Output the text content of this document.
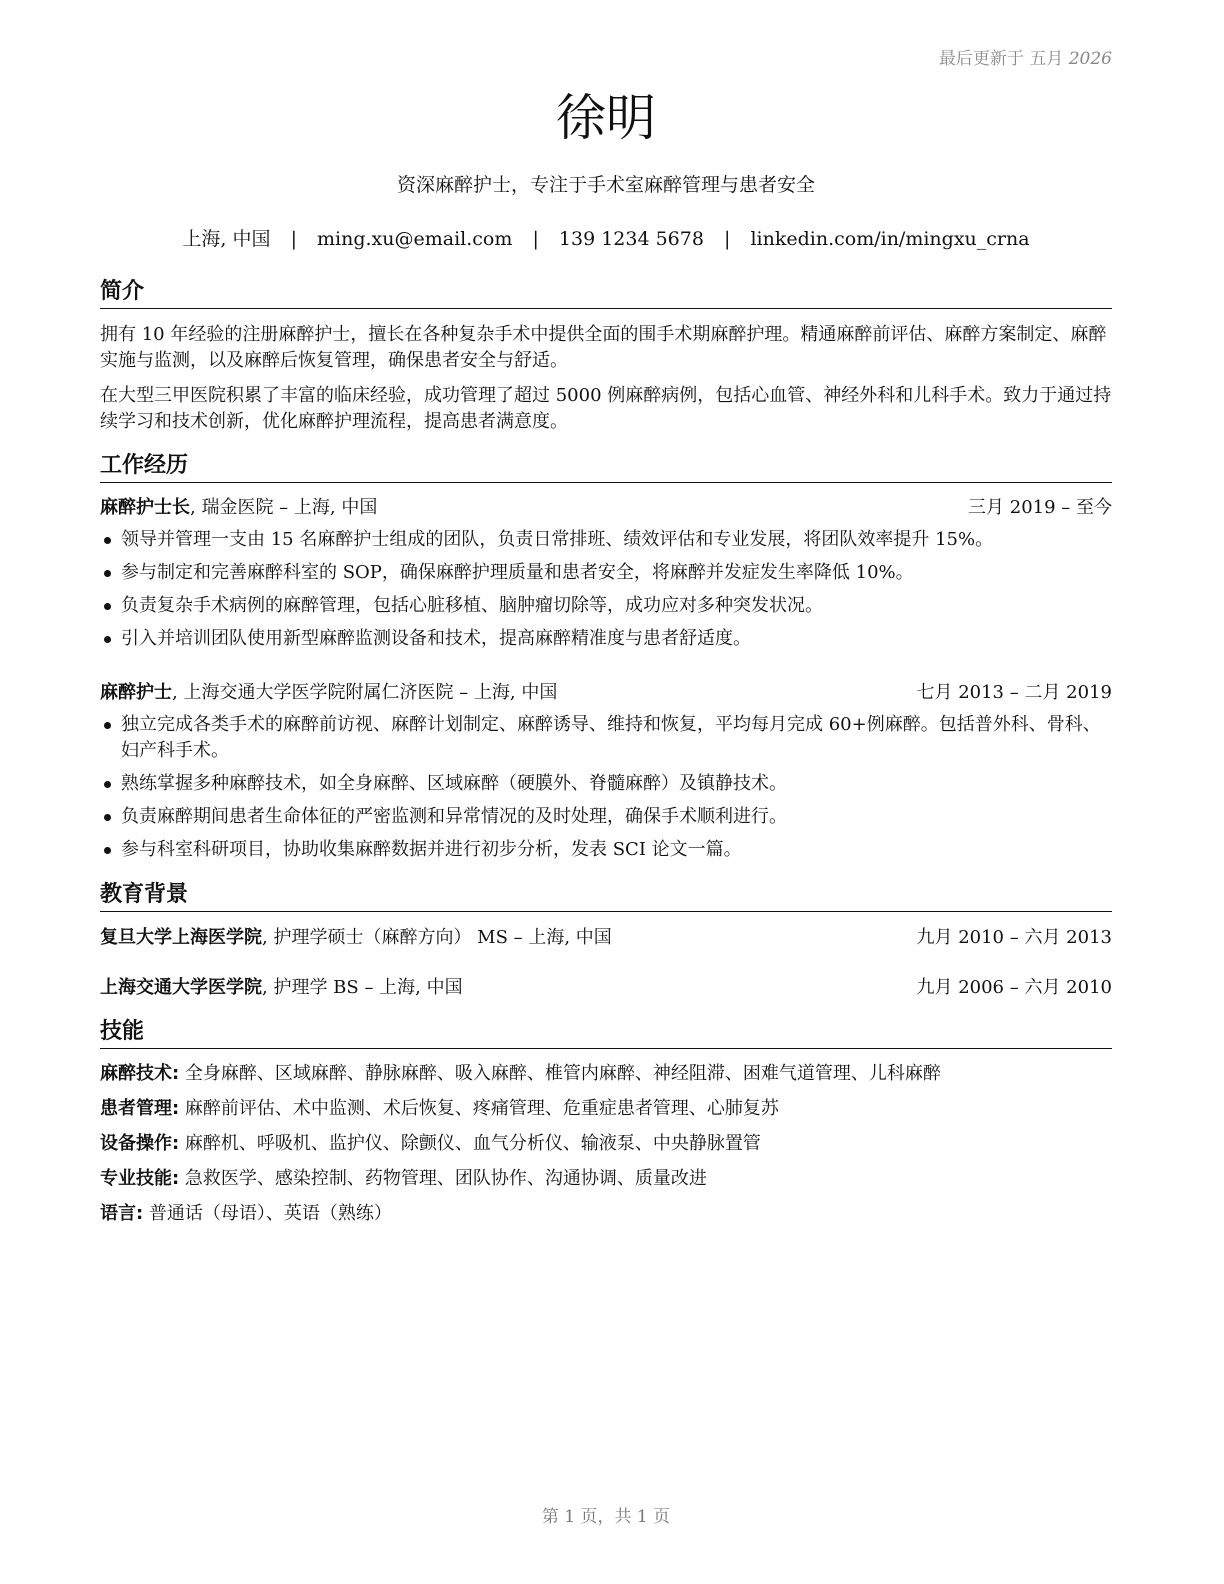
最后更新于 五月 2026
徐明
资深麻醉护士，专注于手术室麻醉管理与患者安全
上海, 中国 | ming.xu@email.com | 139 1234 5678 | linkedin.com/in/mingxu_crna
简介
拥有 10 年经验的注册麻醉护士，擅长在各种复杂手术中提供全面的围手术期麻醉护理。精通麻醉前评估、麻醉方案制定、麻醉实施与监测，以及麻醉后恢复管理，确保患者安全与舒适。
在大型三甲医院积累了丰富的临床经验，成功管理了超过 5000 例麻醉病例，包括心血管、神经外科和儿科手术。致力于通过持续学习和技术创新，优化麻醉护理流程，提高患者满意度。
工作经历
麻醉护士长, 瑞金医院 – 上海, 中国	三月 2019 – 至今
领导并管理一支由 15 名麻醉护士组成的团队，负责日常排班、绩效评估和专业发展，将团队效率提升 15%。
参与制定和完善麻醉科室的 SOP，确保麻醉护理质量和患者安全，将麻醉并发症发生率降低 10%。
负责复杂手术病例的麻醉管理，包括心脏移植、脑肿瘤切除等，成功应对多种突发状况。
引入并培训团队使用新型麻醉监测设备和技术，提高麻醉精准度与患者舒适度。
麻醉护士, 上海交通大学医学院附属仁济医院 – 上海, 中国	七月 2013 – 二月 2019
独立完成各类手术的麻醉前访视、麻醉计划制定、麻醉诱导、维持和恢复，平均每月完成 60+例麻醉。包括普外科、骨科、妇产科手术。
熟练掌握多种麻醉技术，如全身麻醉、区域麻醉（硬膜外、脊髓麻醉）及镇静技术。
负责麻醉期间患者生命体征的严密监测和异常情况的及时处理，确保手术顺利进行。
参与科室科研项目，协助收集麻醉数据并进行初步分析，发表 SCI 论文一篇。
教育背景
复旦大学上海医学院, 护理学硕士（麻醉方向） MS – 上海, 中国	九月 2010 – 六月 2013
上海交通大学医学院, 护理学 BS – 上海, 中国	九月 2006 – 六月 2010
技能
麻醉技术: 全身麻醉、区域麻醉、静脉麻醉、吸入麻醉、椎管内麻醉、神经阻滞、困难气道管理、儿科麻醉
患者管理: 麻醉前评估、术中监测、术后恢复、疼痛管理、危重症患者管理、心肺复苏
设备操作: 麻醉机、呼吸机、监护仪、除颤仪、血气分析仪、输液泵、中央静脉置管
专业技能: 急救医学、感染控制、药物管理、团队协作、沟通协调、质量改进
语言: 普通话（母语）、英语（熟练）
第 1 页，共 1 页
